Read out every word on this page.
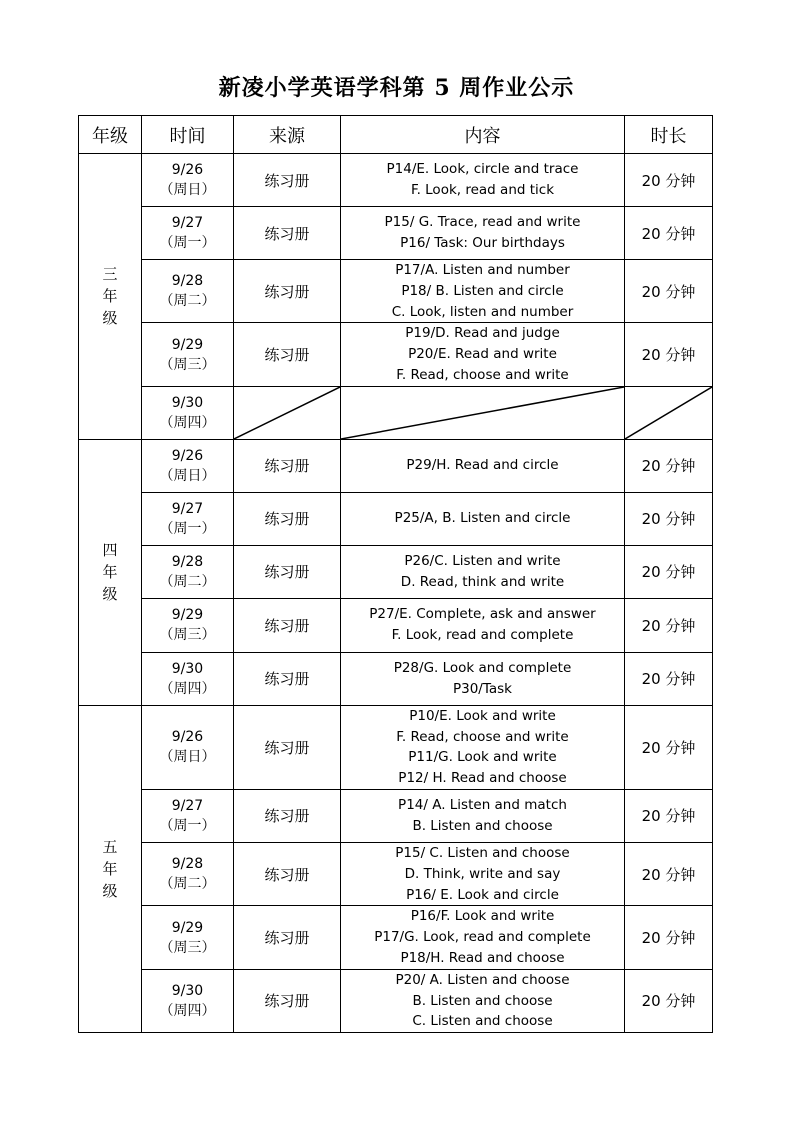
新凌小学英语学科第 5 周作业公示
年级	时间	来源	内容	时长

三
年
级	9/26
（周日）	练习册	P14/E. Look, circle and trace
F. Look, read and tick	20 分钟
	9/27
（周一）	练习册	P15/ G. Trace, read and write
P16/ Task: Our birthdays	20 分钟
	9/28
（周二）	练习册	P17/A. Listen and number
P18/ B. Listen and circle
C. Look, listen and number	20 分钟
	9/29
（周三）	练习册	P19/D. Read and judge
P20/E. Read and write
F. Read, choose and write	20 分钟
	9/30
（周四）

四
年
级	9/26
（周日）	练习册	P29/H. Read and circle	20 分钟
	9/27
（周一）	练习册	P25/A, B. Listen and circle	20 分钟
	9/28
（周二）	练习册	P26/C. Listen and write
D. Read, think and write	20 分钟
	9/29
（周三）	练习册	P27/E. Complete, ask and answer
F. Look, read and complete	20 分钟
	9/30
（周四）	练习册	P28/G. Look and complete
P30/Task	20 分钟

五
年
级	9/26
（周日）	练习册	P10/E. Look and write
F. Read, choose and write
P11/G. Look and write
P12/ H. Read and choose	20 分钟
	9/27
（周一）	练习册	P14/ A. Listen and match
B. Listen and choose	20 分钟
	9/28
（周二）	练习册	P15/ C. Listen and choose
D. Think, write and say
P16/ E. Look and circle	20 分钟
	9/29
（周三）	练习册	P16/F. Look and write
P17/G. Look, read and complete
P18/H. Read and choose	20 分钟
	9/30
（周四）	练习册	P20/ A. Listen and choose
B. Listen and choose
C. Listen and choose	20 分钟
